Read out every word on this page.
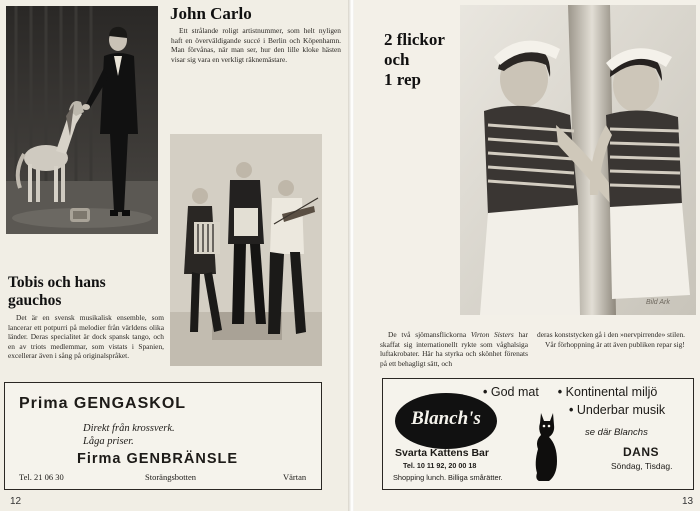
John Carlo

Ett strålande roligt artistnummer, som helt nyligen haft en överväldigande succé i Berlin och Köpenhamn. Man förvånas, när man ser, hur den lille kloke hästen visar sig vara en verkligt räknemästare.

Tobis och hans
gauchos

Det är en svensk musikalisk ensemble, som lancerar ett potpurri på melodier från världens olika länder. Deras specialitet är dock spansk tango, och en av triots medlemmar, som vistats i Spanien, excellerar även i sång på originalspråket.

Prima GENGASKOL
Direkt från krossverk.
Låga priser.
Firma GENBRÄNSLE
Tel. 21 06 30	Storängsbotten	Värtan
12
2 flickor
och
1 rep
Bild Ark

De två sjömansflickorna Virton Sisters har skaffat sig internationellt rykte som våghalsiga luftakrobater. Här ha styrka och skönhet förenats på ett behagligt sätt, och

deras konststycken gå i den »nervpirrende» stilen.
Vår förhoppning är att även publiken repar sig!

Blanch's
Svarta Kattens Bar
Tel. 10 11 92, 20 00 18
Shopping lunch. Billiga smårätter.
• God mat • Kontinental miljö
• Underbar musik
se där Blanchs
DANS
Söndag, Tisdag.
13
